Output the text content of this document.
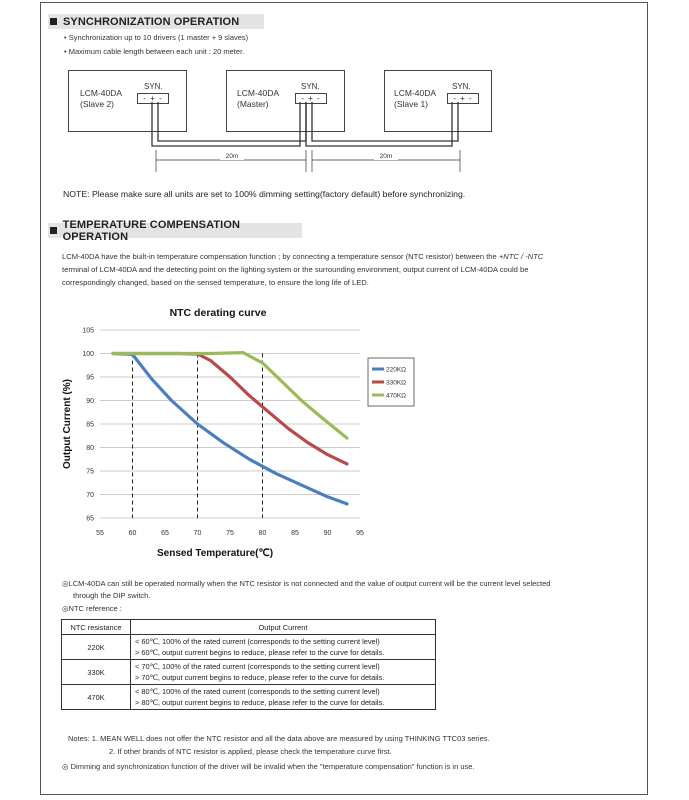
SYNCHRONIZATION OPERATION
• Synchronization up to 10 drivers (1 master + 9 slaves)
• Maximum cable length between each unit : 20 meter.
LCM-40DA
(Slave 2)
SYN.
- + -
LCM-40DA
(Master)
SYN.
- + -
LCM-40DA
(Slave 1)
SYN.
- + -
20m	20m
NOTE: Please make sure all units are set to 100% dimming setting(factory default) before synchronizing.
TEMPERATURE COMPENSATION OPERATION
LCM-40DA have the built-in temperature compensation function ; by connecting a temperature sensor (NTC resistor) between the +NTC / -NTC
terminal of LCM-40DA and the detecting point on the lighting system or the surrounding environment, output current of LCM-40DA could be
correspondingly changed, based on the sensed temperature, to ensure the long life of LED.
105
100
95
90
85
80
75
70
65
55	60	65	70	75	80	85	90	95
NTC derating curve
Sensed Temperature(℃)
Output Current (%)
220KΩ
330KΩ
470KΩ
◎LCM-40DA can still be operated normally when the NTC resistor is not connected and the value of output current will be the current level selected
through the DIP switch.
◎NTC reference :
NTC resistance	Output Current
220K	< 60℃, 100% of the rated current (corresponds to the setting current level)
> 60℃, output current begins to reduce, please refer to the curve for details.

330K	< 70℃, 100% of the rated current (corresponds to the setting current level)
> 70℃, output current begins to reduce, please refer to the curve for details.

470K	< 80℃, 100% of the rated current (corresponds to the setting current level)
> 80℃, output current begins to reduce, please refer to the curve for details.
Notes: 1. MEAN WELL does not offer the NTC resistor and all the data above are measured by using THINKING TTC03 series.
2. If other brands of NTC resistor is applied, please check the temperature curve first.
◎ Dimming and synchronization function of the driver will be invalid when the "temperature compensation" function is in use.
